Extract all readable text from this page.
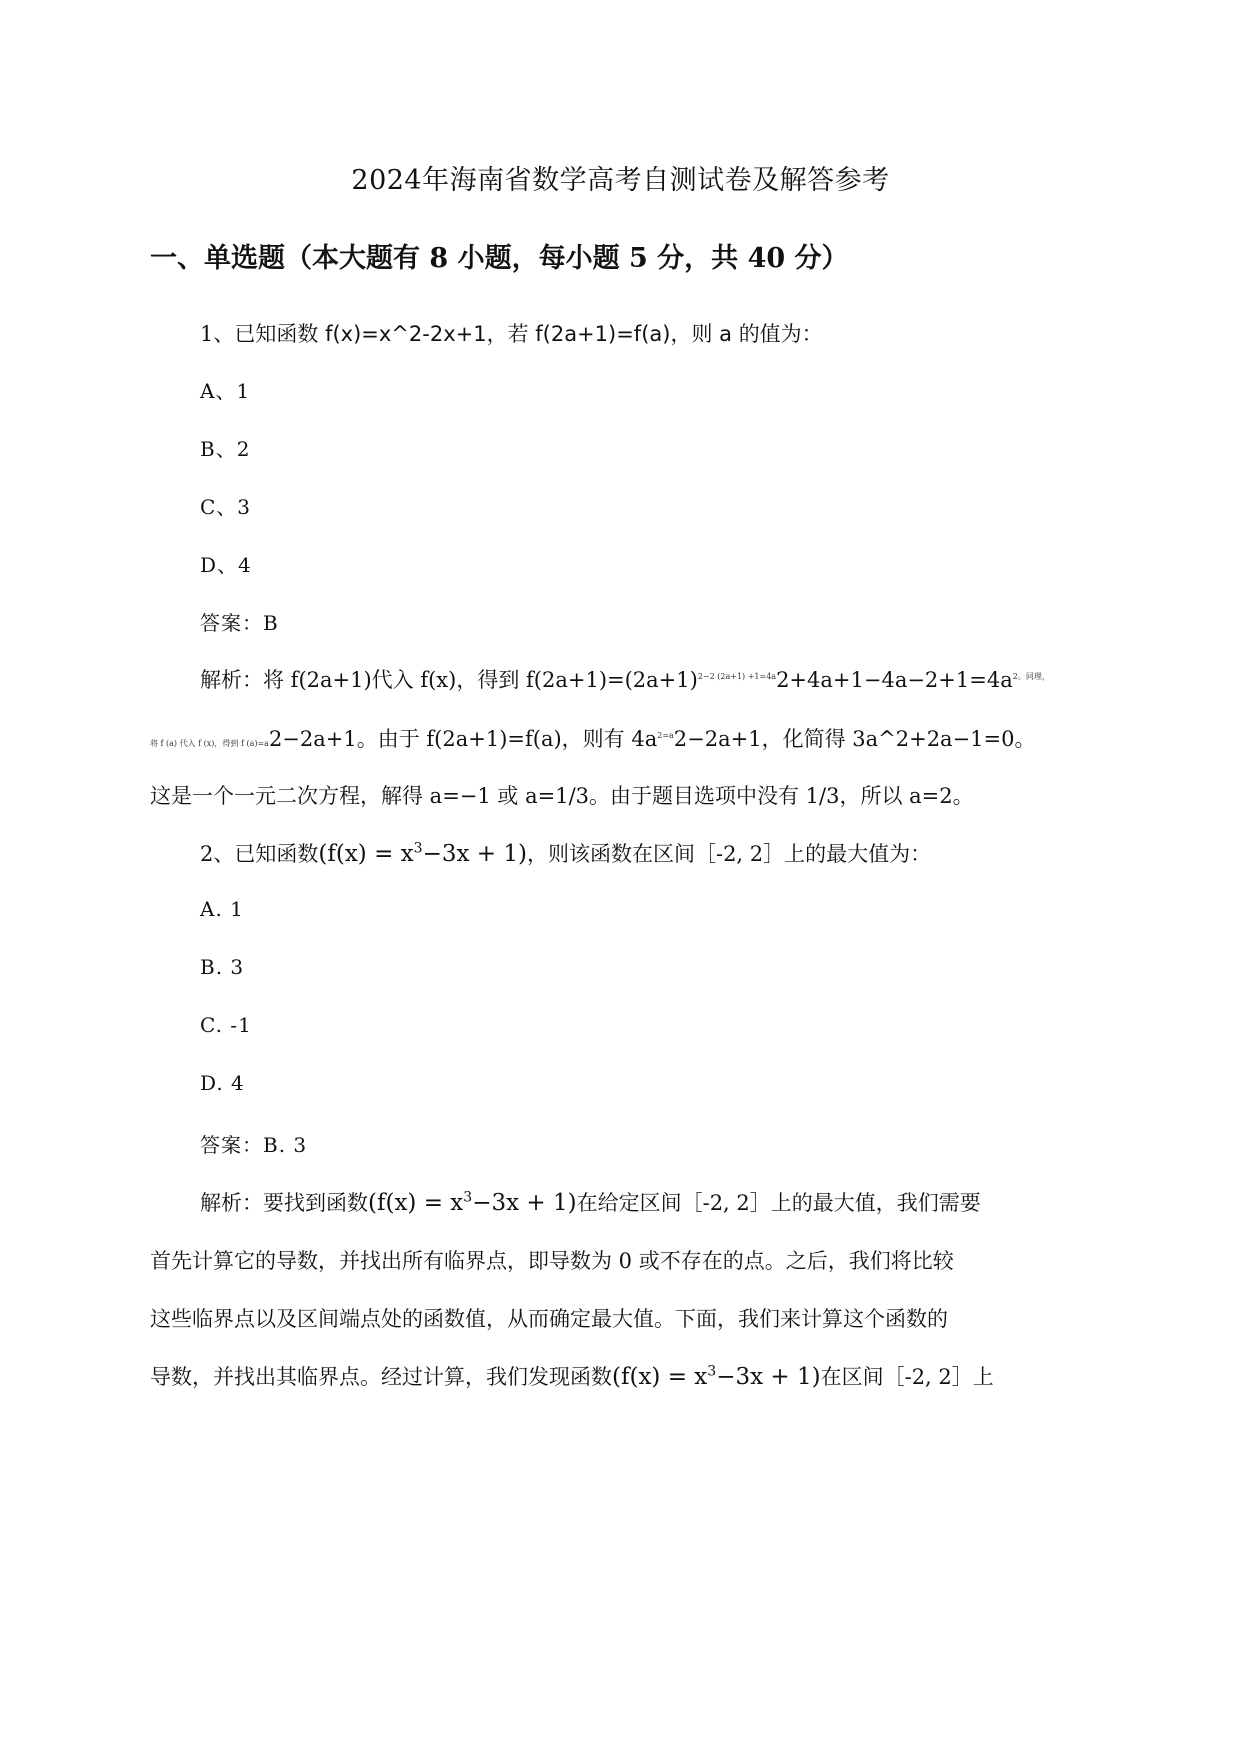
2024年海南省数学高考自测试卷及解答参考
一、单选题（本大题有 8 小题，每小题 5 分，共 40 分）
1、已知函数 f(x)=x^2-2x+1，若 f(2a+1)=f(a)，则 a 的值为：
A、1
B、2
C、3
D、4
答案：B
解析：将 f(2a+1)代入 f(x)，得到 $f(2a+1)=(2a+1)^{2-2 (2a+1) +1=4a}2+4a+1-4a-2+1=4a^{2。同理,}$
将 f (a) 代入 f (x)，得到 f (a)=a2−2a+1。由于 f(2a+1)=f(a)，则有 $4a^{2=a}2-2a+1$，化简得 3a^2+2a−1=0。
这是一个一元二次方程，解得 a=−1 或 a=1/3。由于题目选项中没有 1/3，所以 a=2。
2、已知函数$(f(x) = x^3-3x + 1)$，则该函数在区间［-2, 2］上的最大值为：
A. 1
B. 3
C. -1
D. 4
答案：B. 3
解析：要找到函数$(f(x) = x^3-3x + 1)$在给定区间［-2, 2］上的最大值，我们需要
首先计算它的导数，并找出所有临界点，即导数为 0 或不存在的点。之后，我们将比较
这些临界点以及区间端点处的函数值，从而确定最大值。下面，我们来计算这个函数的
导数，并找出其临界点。经过计算，我们发现函数$(f(x) = x^3-3x + 1)$在区间［-2, 2］上
